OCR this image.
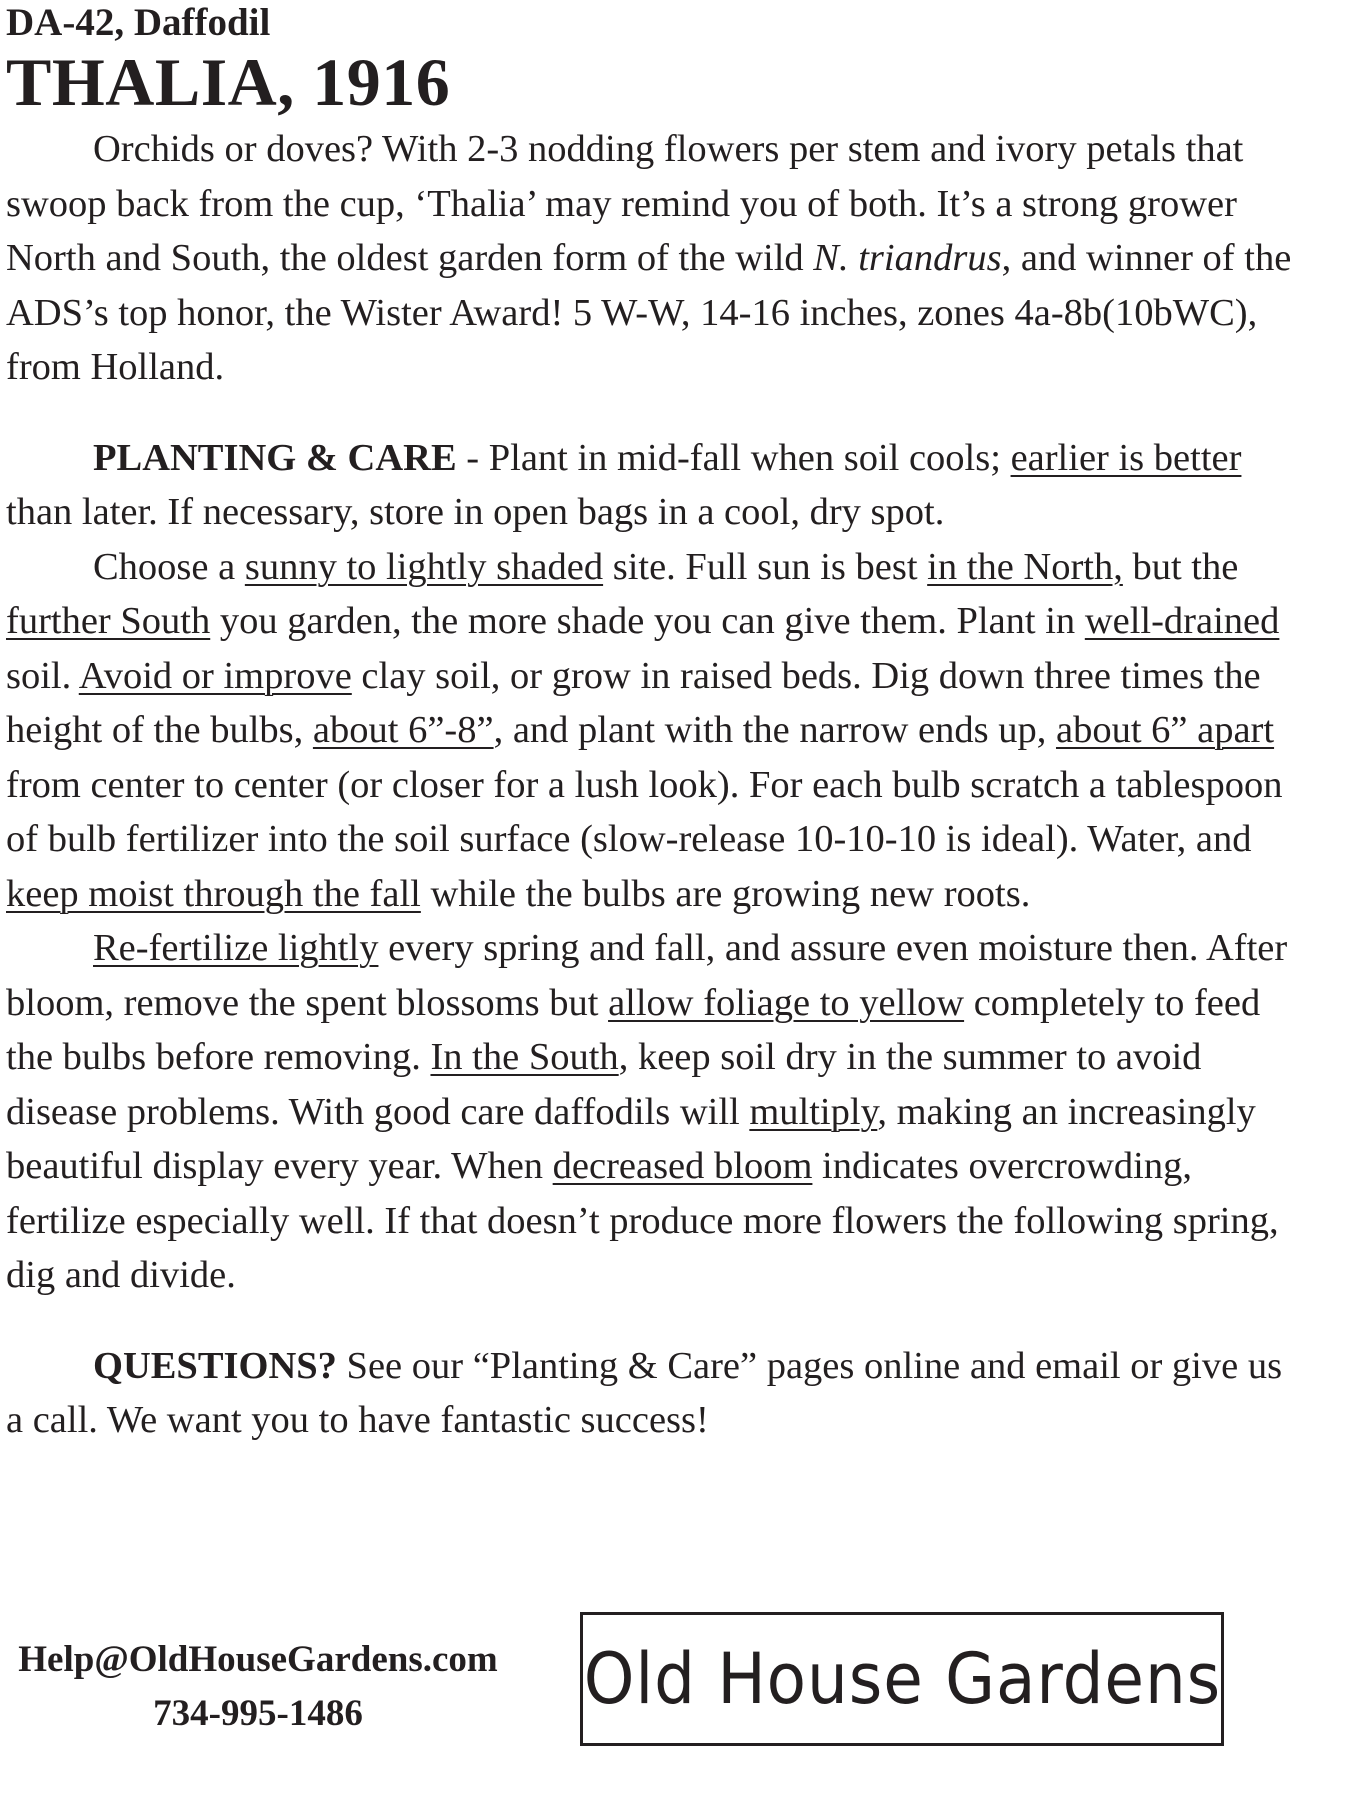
DA-42, Daffodil

THALIA, 1916

Orchids or doves? With 2-3 nodding flowers per stem and ivory petals that swoop back from the cup, ‘Thalia’ may remind you of both. It’s a strong grower North and South, the oldest garden form of the wild N. triandrus, and winner of the ADS’s top honor, the Wister Award! 5 W-W, 14-16 inches, zones 4a-8b(10bWC), from Holland.

PLANTING & CARE - Plant in mid-fall when soil cools; earlier is better than later. If necessary, store in open bags in a cool, dry spot.

Choose a sunny to lightly shaded site. Full sun is best in the North, but the further South you garden, the more shade you can give them. Plant in well-drained soil. Avoid or improve clay soil, or grow in raised beds. Dig down three times the height of the bulbs, about 6”-8”, and plant with the narrow ends up, about 6” apart from center to center (or closer for a lush look). For each bulb scratch a tablespoon of bulb fertilizer into the soil surface (slow-release 10-10-10 is ideal). Water, and keep moist through the fall while the bulbs are growing new roots.

Re-fertilize lightly every spring and fall, and assure even moisture then. After bloom, remove the spent blossoms but allow foliage to yellow completely to feed the bulbs before removing. In the South, keep soil dry in the summer to avoid disease problems. With good care daffodils will multiply, making an increasingly beautiful display every year. When decreased bloom indicates overcrowding, fertilize especially well. If that doesn’t produce more flowers the following spring, dig and divide.

QUESTIONS? See our “Planting & Care” pages online and email or give us a call. We want you to have fantastic success!

Help@OldHouseGardens.com
734-995-1486	Old House Gardens
